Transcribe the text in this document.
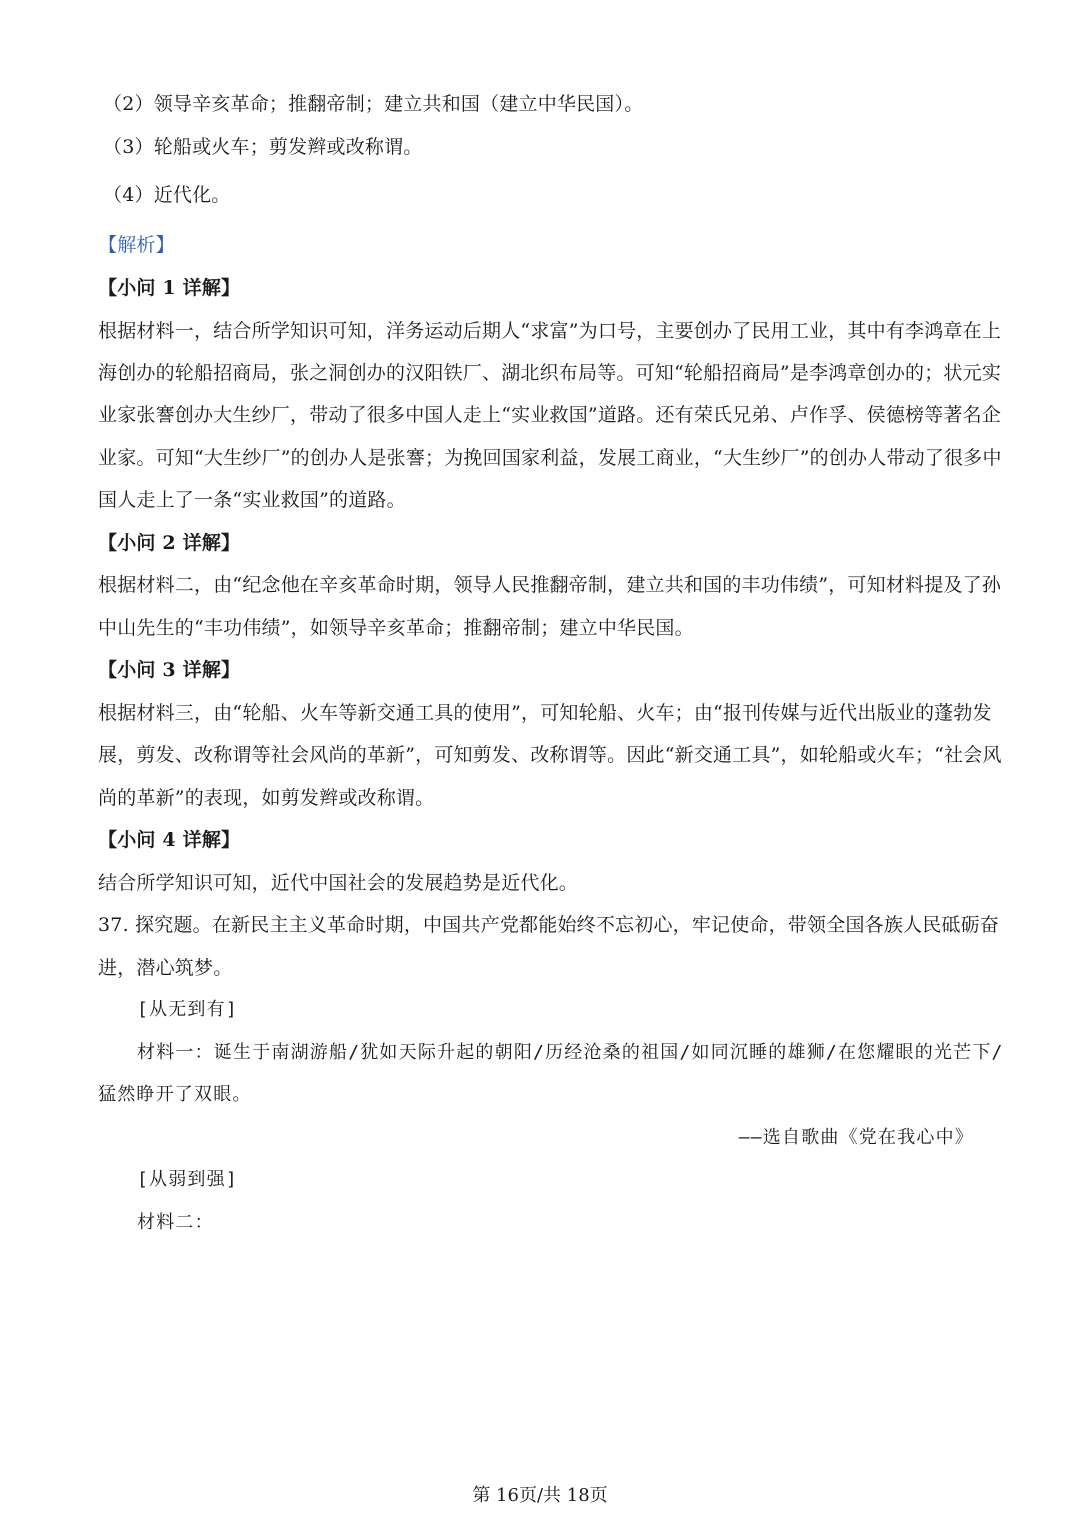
（2）领导辛亥革命；推翻帝制；建立共和国（建立中华民国）。
（3）轮船或火车；剪发辫或改称谓。
（4）近代化。
【解析】
【小问 1 详解】
根据材料一，结合所学知识可知，洋务运动后期人“求富”为口号，主要创办了民用工业，其中有李鸿章在上
海创办的轮船招商局，张之洞创办的汉阳铁厂、湖北织布局等。可知“轮船招商局”是李鸿章创办的；状元实
业家张謇创办大生纱厂，带动了很多中国人走上“实业救国”道路。还有荣氏兄弟、卢作孚、侯德榜等著名企
业家。可知“大生纱厂”的创办人是张謇；为挽回国家利益，发展工商业，“大生纱厂”的创办人带动了很多中
国人走上了一条“实业救国”的道路。
【小问 2 详解】
根据材料二，由“纪念他在辛亥革命时期，领导人民推翻帝制，建立共和国的丰功伟绩”，可知材料提及了孙
中山先生的“丰功伟绩”，如领导辛亥革命；推翻帝制；建立中华民国。
【小问 3 详解】
根据材料三，由“轮船、火车等新交通工具的使用”，可知轮船、火车；由“报刊传媒与近代出版业的蓬勃发
展，剪发、改称谓等社会风尚的革新”，可知剪发、改称谓等。因此“新交通工具”，如轮船或火车；“社会风
尚的革新”的表现，如剪发辫或改称谓。
【小问 4 详解】
结合所学知识可知，近代中国社会的发展趋势是近代化。
37. 探究题。在新民主主义革命时期，中国共产党都能始终不忘初心，牢记使命，带领全国各族人民砥砺奋
进，潜心筑梦。
[从无到有]
材料一：诞生于南湖游船/犹如天际升起的朝阳/历经沧桑的祖国/如同沉睡的雄狮/在您耀眼的光芒下/
猛然睁开了双眼。
——选自歌曲《党在我心中》
[从弱到强]
材料二：
第 16页/共 18页
